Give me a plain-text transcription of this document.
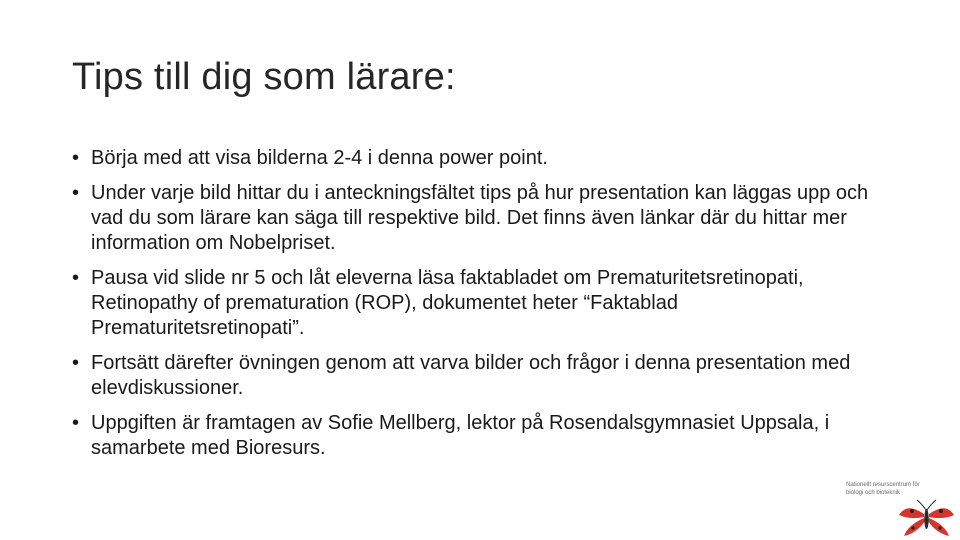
Tips till dig som lärare:
• Börja med att visa bilderna 2-4 i denna power point.
• Under varje bild hittar du i anteckningsfältet tips på hur presentation kan läggas upp och vad du som lärare kan säga till respektive bild. Det finns även länkar där du hittar mer information om Nobelpriset.
• Pausa vid slide nr 5 och låt eleverna läsa faktabladet om Prematuritetsretinopati, Retinopathy of prematuration (ROP), dokumentet heter “Faktablad Prematuritetsretinopati”.
• Fortsätt därefter övningen genom att varva bilder och frågor i denna presentation med elevdiskussioner.
• Uppgiften är framtagen av Sofie Mellberg, lektor på Rosendalsgymnasiet Uppsala, i samarbete med Bioresurs.
Nationellt resurscentrum för
biologi och bioteknik
